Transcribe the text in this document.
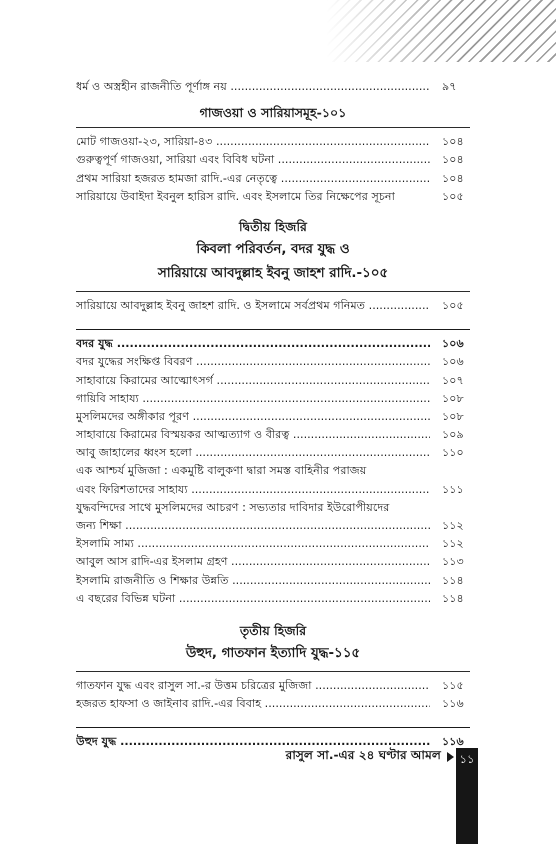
ধর্ম ও অস্ত্রহীন রাজনীতি পূর্ণাঙ্গ নয় .....	৯৭
গাজওয়া ও সারিয়াসমূহ-১০১
মোট গাজওয়া-২৩, সারিয়া-৪৩ .....	১০৪
গুরুত্বপূর্ণ গাজওয়া, সারিয়া এবং বিবিধ ঘটনা .....	১০৪
প্রথম সারিয়া হজরত হামজা রাদি.-এর নেতৃত্বে .....	১০৪
সারিয়ায়ে উবাইদা ইবনুল হারিস রাদি. এবং ইসলামে তির নিক্ষেপের সূচনা	১০৫
দ্বিতীয় হিজরি
কিবলা পরিবর্তন, বদর যুদ্ধ ও
সারিয়ায়ে আবদুল্লাহ ইবনু জাহশ রাদি.-১০৫
সারিয়ায়ে আবদুল্লাহ ইবনু জাহশ রাদি. ও ইসলামে সর্বপ্রথম গনিমত .....	১০৫
বদর যুদ্ধ .....	১০৬
বদর যুদ্ধের সংক্ষিপ্ত বিবরণ .....	১০৬
সাহাবায়ে কিরামের আত্মোৎসর্গ .....	১০৭
গায়িবি সাহায্য .....	১০৮
মুসলিমদের অঙ্গীকার পূরণ .....	১০৮
সাহাবায়ে কিরামের বিস্ময়কর আত্মত্যাগ ও বীরত্ব .....	১০৯
আবু জাহালের ধ্বংস হলো .....	১১০
এক আশ্চর্য মুজিজা : একমুষ্টি বালুকণা দ্বারা সমস্ত বাহিনীর পরাজয়
এবং ফিরিশতাদের সাহায্য .....	১১১
যুদ্ধবন্দিদের সাথে মুসলিমদের আচরণ : সভ্যতার দাবিদার ইউরোপীয়দের
জন্য শিক্ষা .....	১১২
ইসলামি সাম্য .....	১১২
আবুল আস রাদি-এর ইসলাম গ্রহণ .....	১১৩
ইসলামি রাজনীতি ও শিক্ষার উন্নতি .....	১১৪
এ বছরের বিভিন্ন ঘটনা .....	১১৪
তৃতীয় হিজরি
উহুদ, গাতফান ইত্যাদি যুদ্ধ-১১৫
গাতফান যুদ্ধ এবং রাসুল সা.-র উত্তম চরিত্রের মুজিজা .....	১১৫
হজরত হাফসা ও জাইনাব রাদি.-এর বিবাহ .....	১১৬
উহুদ যুদ্ধ .....	১১৬
রাসুল সা.-এর ২৪ ঘণ্টার আমল ১১
